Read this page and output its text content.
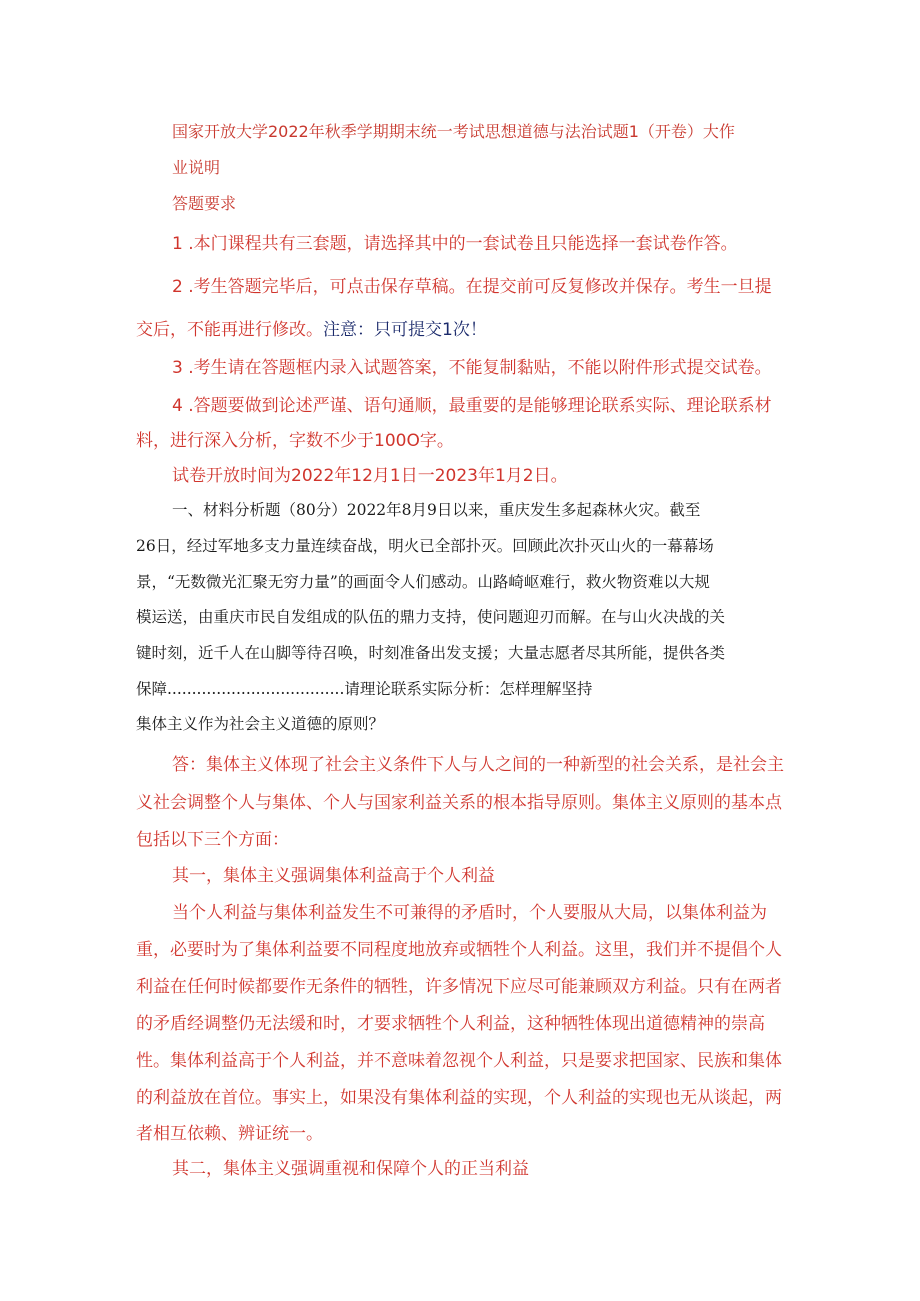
国家开放大学2022年秋季学期期末统一考试思想道德与法治试题1（开卷）大作

业说明

答题要求

1 .本门课程共有三套题，请选择其中的一套试卷且只能选择一套试卷作答。

2 .考生答题完毕后，可点击保存草稿。在提交前可反复修改并保存。考生一旦提

交后，不能再进行修改。注意：只可提交1次！

3 .考生请在答题框内录入试题答案，不能复制黏贴，不能以附件形式提交试卷。

4 .答题要做到论述严谨、语句通顺，最重要的是能够理论联系实际、理论联系材

料，进行深入分析，字数不少于100O字。

试卷开放时间为2022年12月1日一2023年1月2日。

一、材料分析题（80分）2022年8月9日以来，重庆发生多起森林火灾。截至

26日，经过军地多支力量连续奋战，明火已全部扑灭。回顾此次扑灭山火的一幕幕场

景，“无数微光汇聚无穷力量”的画面令人们感动。山路崎岖难行，救火物资难以大规

模运送，由重庆市民自发组成的队伍的鼎力支持，使问题迎刃而解。在与山火决战的关

键时刻，近千人在山脚等待召唤，时刻准备出发支援；大量志愿者尽其所能，提供各类

保障....................................请理论联系实际分析：怎样理解坚持

集体主义作为社会主义道德的原则？

答：集体主义体现了社会主义条件下人与人之间的一种新型的社会关系，是社会主

义社会调整个人与集体、个人与国家利益关系的根本指导原则。集体主义原则的基本点

包括以下三个方面：

其一，集体主义强调集体利益高于个人利益

当个人利益与集体利益发生不可兼得的矛盾时，个人要服从大局，以集体利益为

重，必要时为了集体利益要不同程度地放弃或牺牲个人利益。这里，我们并不提倡个人

利益在任何时候都要作无条件的牺牲，许多情况下应尽可能兼顾双方利益。只有在两者

的矛盾经调整仍无法缓和时，才要求牺牲个人利益，这种牺牲体现出道德精神的崇高

性。集体利益高于个人利益，并不意味着忽视个人利益，只是要求把国家、民族和集体

的利益放在首位。事实上，如果没有集体利益的实现，个人利益的实现也无从谈起，两

者相互依赖、辨证统一。

其二，集体主义强调重视和保障个人的正当利益
